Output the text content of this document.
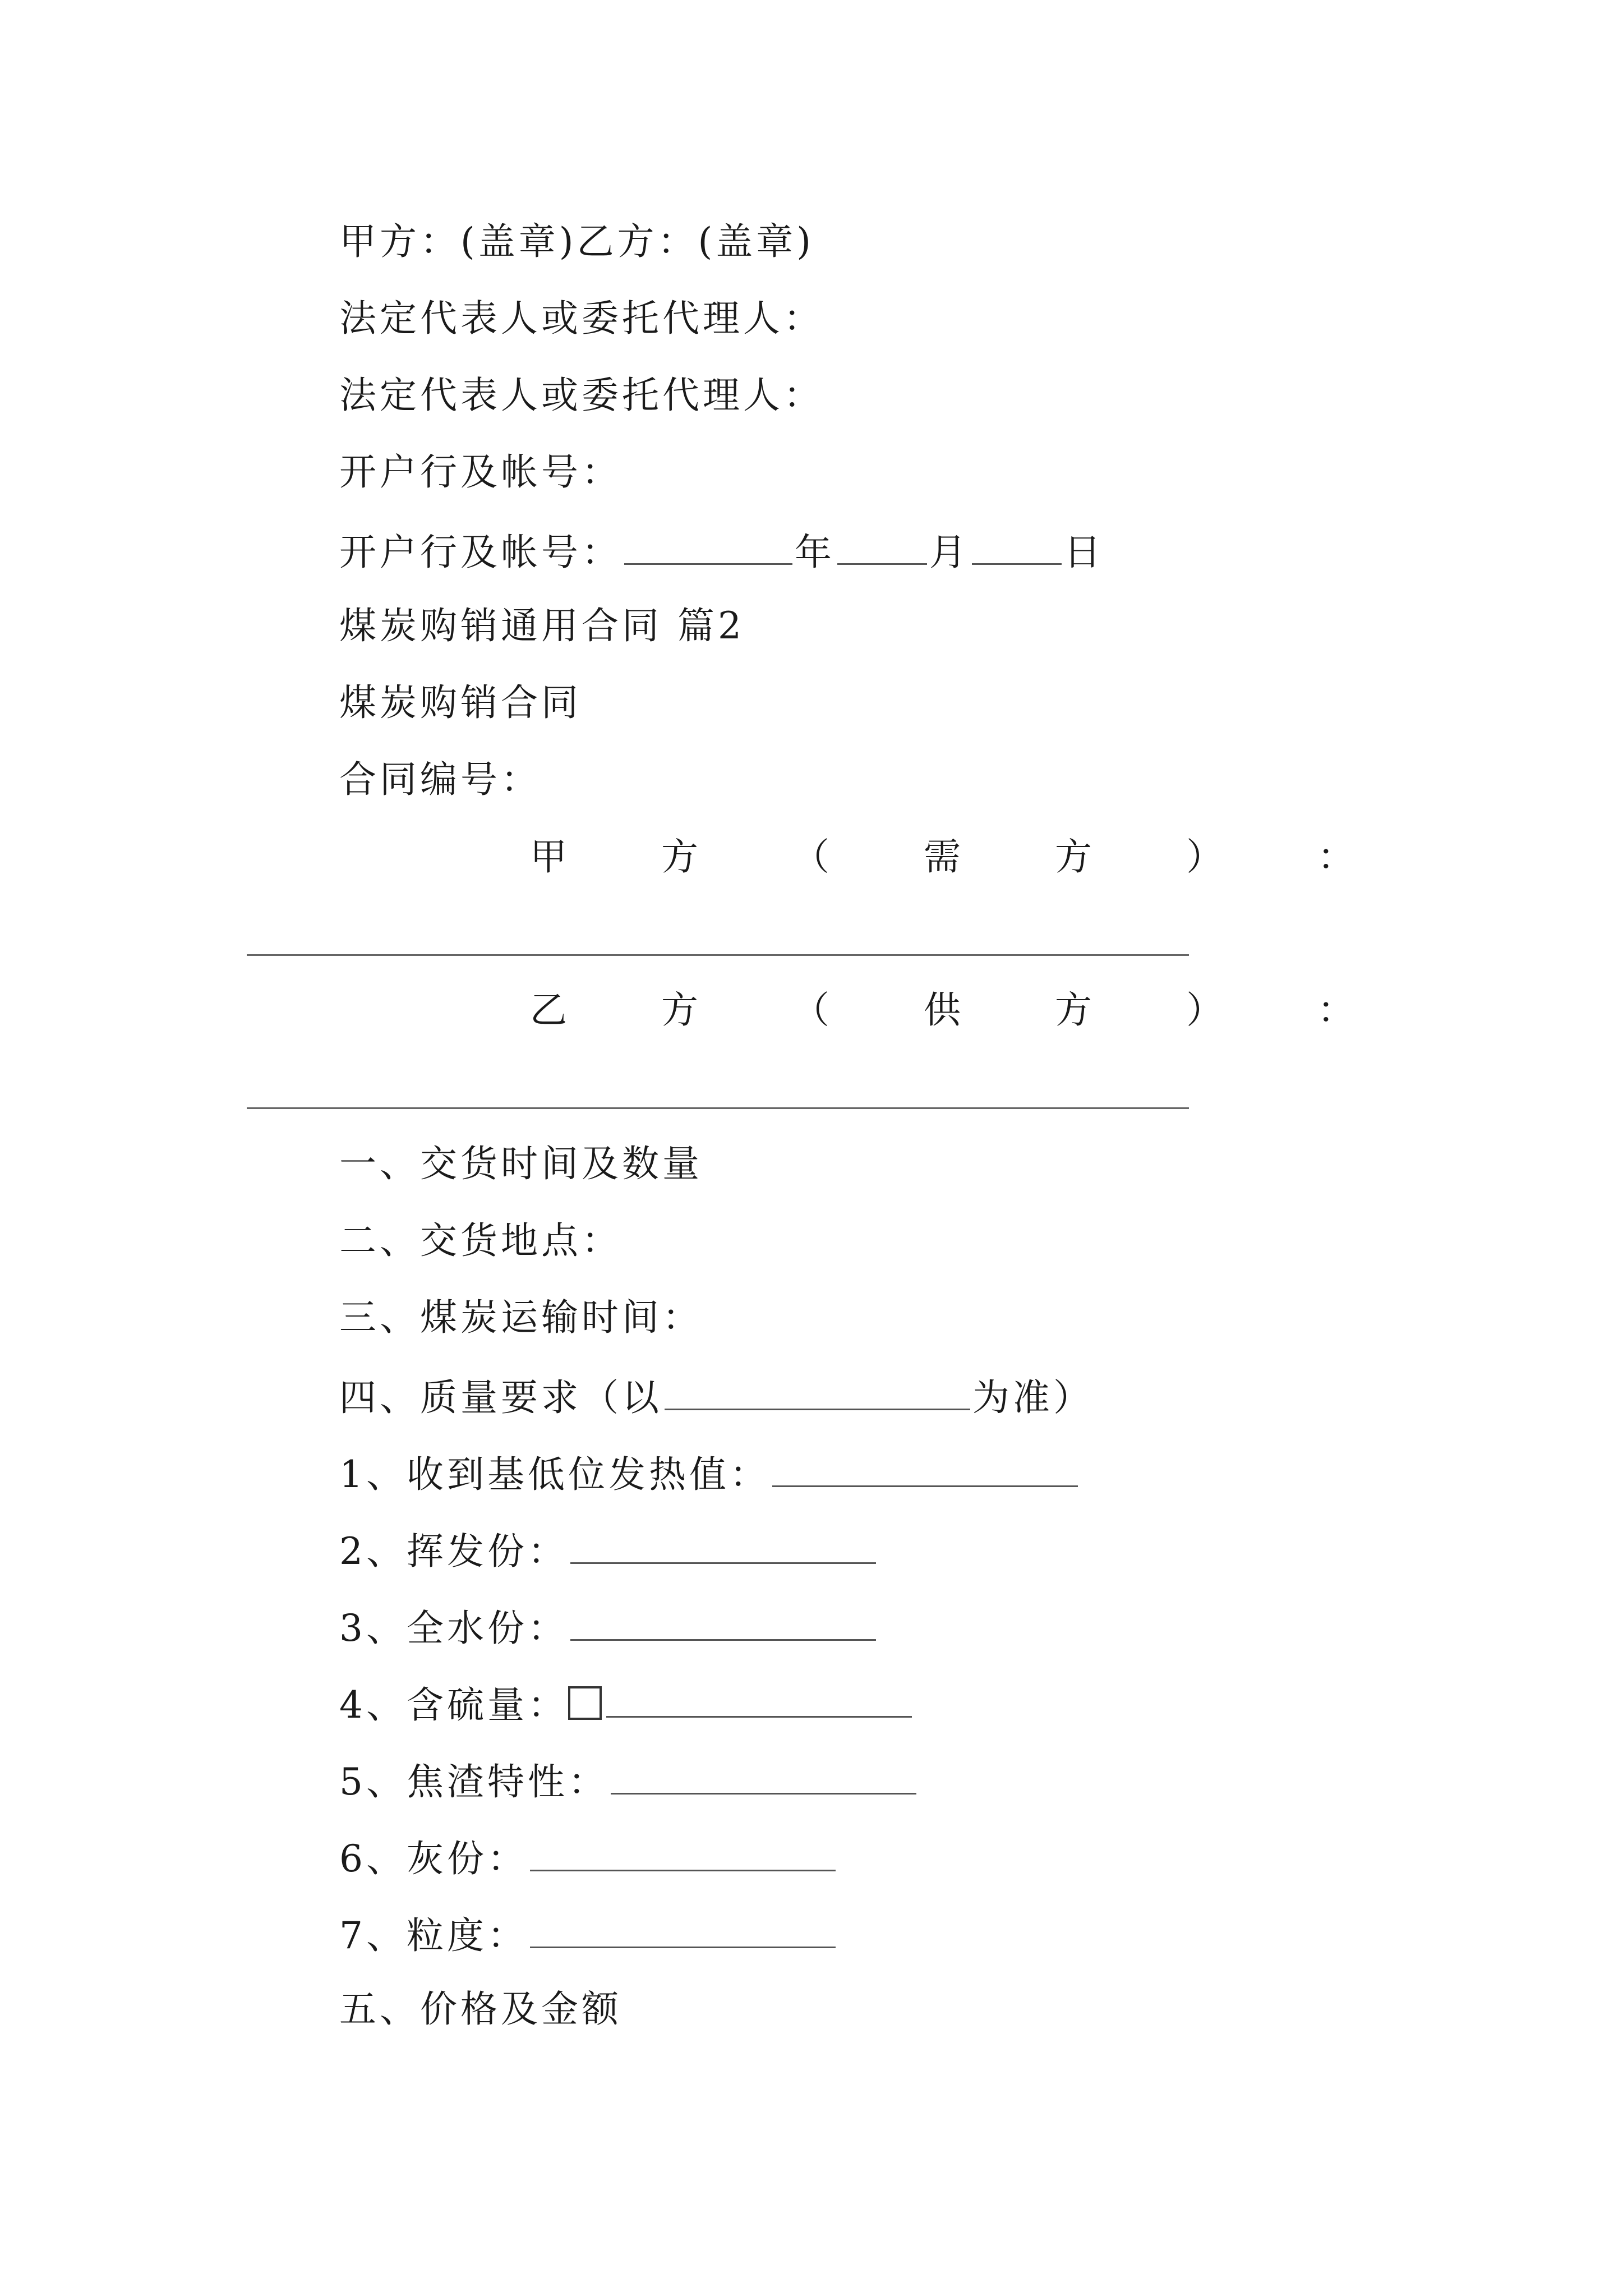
甲方：(盖章)乙方：(盖章)
法定代表人或委托代理人：
法定代表人或委托代理人：
开户行及帐号：
开户行及帐号：	年	月	日
煤炭购销通用合同 篇2
煤炭购销合同
合同编号：
甲	方	（	需	方	）	：
乙	方	（	供	方	）	：
一、交货时间及数量
二、交货地点：
三、煤炭运输时间：
四、质量要求（以	为准）
1、收到基低位发热值：
2、挥发份：
3、全水份：
4、含硫量：
5、焦渣特性：
6、灰份：
7、粒度：
五、价格及金额
